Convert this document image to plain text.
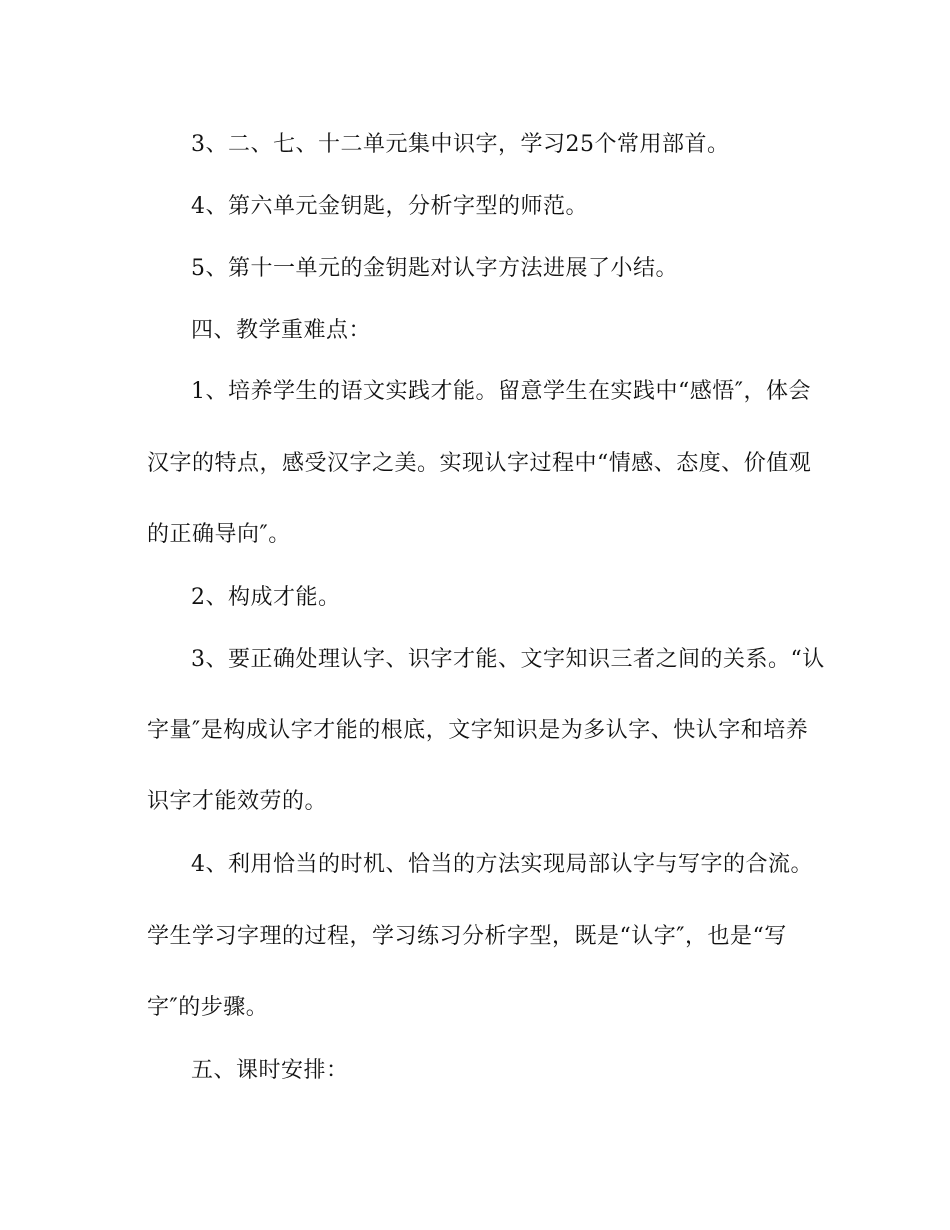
3、二、七、十二单元集中识字，学习25个常用部首。
4、第六单元金钥匙，分析字型的师范。
5、第十一单元的金钥匙对认字方法进展了小结。
四、教学重难点：
1、培养学生的语文实践才能。留意学生在实践中“感悟″，体会
汉字的特点，感受汉字之美。实现认字过程中“情感、态度、价值观
的正确导向″。
2、构成才能。
3、要正确处理认字、识字才能、文字知识三者之间的关系。“认
字量″是构成认字才能的根底，文字知识是为多认字、快认字和培养
识字才能效劳的。
4、利用恰当的时机、恰当的方法实现局部认字与写字的合流。
学生学习字理的过程，学习练习分析字型，既是“认字″，也是“写
字″的步骤。
五、课时安排：
